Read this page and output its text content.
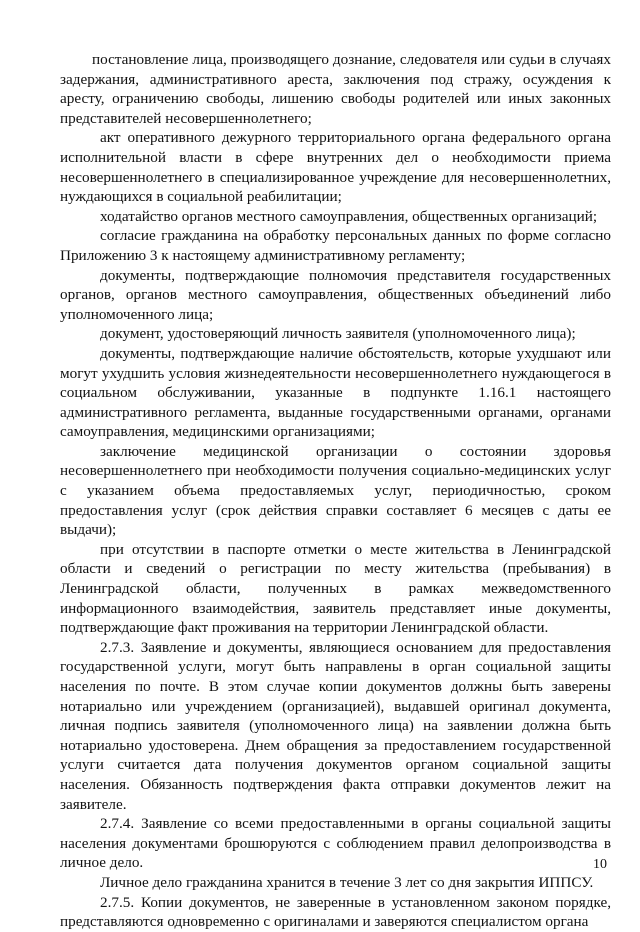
постановление лица, производящего дознание, следователя или судьи в случаях задержания, административного ареста, заключения под стражу, осуждения к аресту, ограничению свободы, лишению свободы родителей или иных законных представителей несовершеннолетнего;

акт оперативного дежурного территориального органа федерального органа исполнительной власти в сфере внутренних дел о необходимости приема несовершеннолетнего в специализированное учреждение для несовершеннолетних, нуждающихся в социальной реабилитации;

ходатайство органов местного самоуправления, общественных организаций;

согласие гражданина на обработку персональных данных по форме согласно Приложению 3 к настоящему административному регламенту;

документы, подтверждающие полномочия представителя государственных органов, органов местного самоуправления, общественных объединений либо уполномоченного лица;

документ, удостоверяющий личность заявителя (уполномоченного лица);

документы, подтверждающие наличие обстоятельств, которые ухудшают или могут ухудшить условия жизнедеятельности несовершеннолетнего нуждающегося в социальном обслуживании, указанные в подпункте 1.16.1 настоящего административного регламента, выданные государственными органами, органами самоуправления, медицинскими организациями;

заключение медицинской организации о состоянии здоровья несовершеннолетнего при необходимости получения социально-медицинских услуг с указанием объема предоставляемых услуг, периодичностью, сроком предоставления услуг (срок действия справки составляет 6 месяцев с даты ее выдачи);

при отсутствии в паспорте отметки о месте жительства в Ленинградской области и сведений о регистрации по месту жительства (пребывания) в Ленинградской области, полученных в рамках межведомственного информационного взаимодействия, заявитель представляет иные документы, подтверждающие факт проживания на территории Ленинградской области.

2.7.3. Заявление и документы, являющиеся основанием для предоставления государственной услуги, могут быть направлены в орган социальной защиты населения по почте. В этом случае копии документов должны быть заверены нотариально или учреждением (организацией), выдавшей оригинал документа, личная подпись заявителя (уполномоченного лица) на заявлении должна быть нотариально удостоверена. Днем обращения за предоставлением государственной услуги считается дата получения документов органом социальной защиты населения. Обязанность подтверждения факта отправки документов лежит на заявителе.

2.7.4. Заявление со всеми предоставленными в органы социальной защиты населения документами брошюруются с соблюдением правил делопроизводства в личное дело.

Личное дело гражданина хранится в течение 3 лет со дня закрытия ИППСУ.

2.7.5. Копии документов, не заверенные в установленном законом порядке, представляются одновременно с оригиналами и заверяются специалистом органа

10
